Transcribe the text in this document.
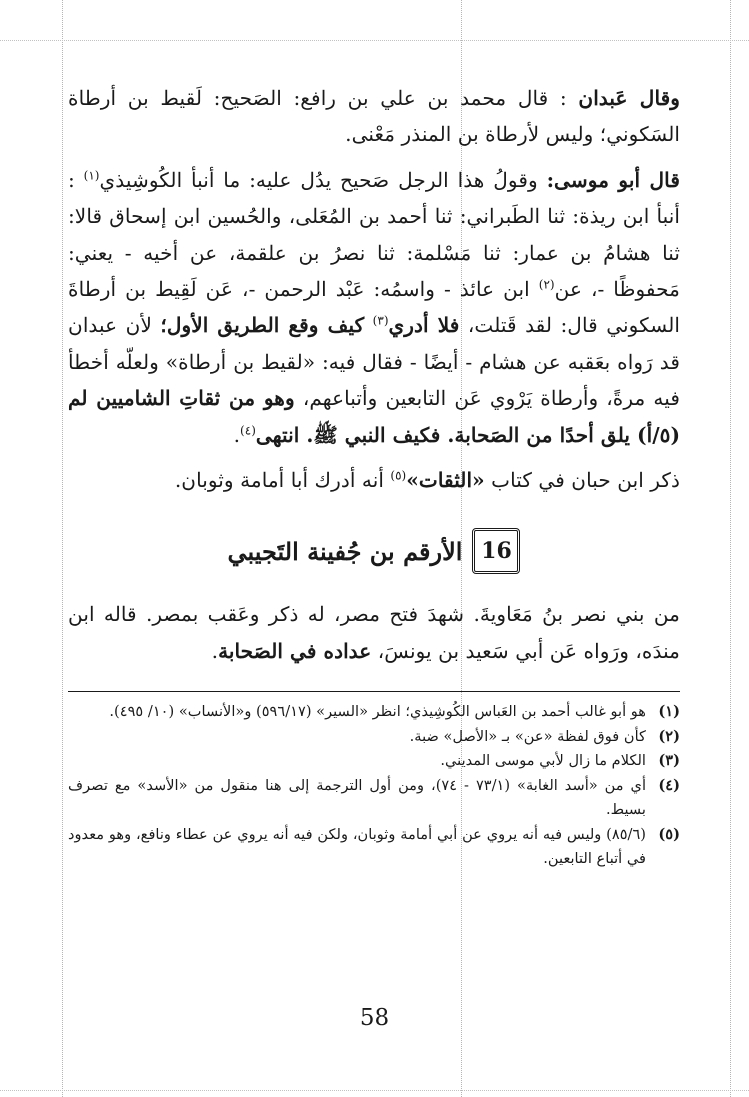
وقال عَبدان : قال محمد بن علي بن رافع: الصَحيح: لَقيط بن أرطاة السَكوني؛ وليس لأرطاة بن المنذر مَعْنى.

قال أبو موسى: وقولُ هذا الرجل صَحيح يدُل عليه: ما أنبأ الكُوشِيذي$^{(١)}$ : أنبأ ابن ريذة: ثنا الطَبراني: ثنا أحمد بن المُعَلى، والحُسين ابن إسحاق قالا: ثنا هشامُ بن عمار: ثنا مَسْلمة: ثنا نصرُ بن علقمة، عن أخيه - يعني: مَحفوظًا -، عن$^{(٢)}$ ابن عائذ - واسمُه: عَبْد الرحمن -، عَن لَقِيط بن أرطاةَ السكوني قال: لقد قَتلت، فلا أدري$^{(٣)}$ كيف وقع الطريق الأول؛ لأن عبدان قد رَواه بعَقبه عن هشام - أيضًا - فقال فيه: «لقيط بن أرطاة» ولعلّه أخطأ فيه مرةً، وأرطاة يَرْوي عَن التابعين وأتباعهم، وهو من ثقاتِ الشاميين لم (٥/أ) يلق أحدًا من الصَحابة. فكيف النبي ﷺ. انتهى$^{(٤)}$.

ذكر ابن حبان في كتاب «الثقات»$^{(٥)}$ أنه أدرك أبا أمامة وثوبان.

16
الأرقم بن جُفينة التَجيبي

من بني نصر بنُ مَعَاويةَ. شهدَ فتح مصر، له ذكر وعَقب بمصر. قاله ابن مندَه، ورَواه عَن أبي سَعيد بن يونسَ، عداده في الصَحابة.

(١)
هو أبو غالب أحمد بن العَباس الكُوشِيذي؛ انظر «السير» (٥٩٦/١٧) و«الأنساب» (١٠/ ٤٩٥).

(٢)
كأن فوق لفظة «عن» بـ «الأصل» ضبة.

(٣)
الكلام ما زال لأبي موسى المديني.

(٤)
أي من «أسد الغابة» (٧٣/١ - ٧٤)، ومن أول الترجمة إلى هنا منقول من «الأسد» مع تصرف بسيط.

(٥)
(٨٥/٦) وليس فيه أنه يروي عن أبي أمامة وثوبان، ولكن فيه أنه يروي عن عطاء ونافع، وهو معدود في أتباع التابعين.

58
